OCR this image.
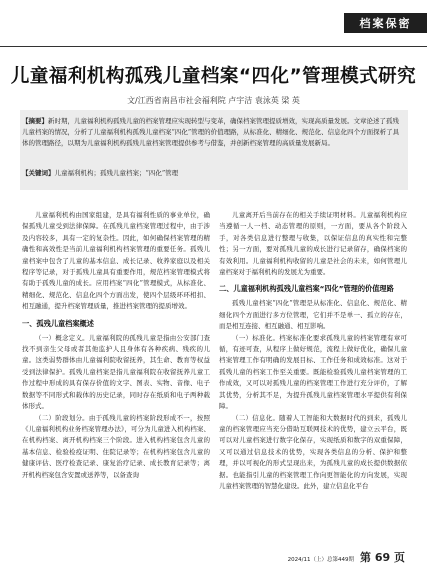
档案保密
儿童福利机构孤残儿童档案“四化”管理模式研究
文/江西省南昌市社会福利院 卢宇洁 袁泳英 梁 英
【摘要】新时期，儿童福利机构孤残儿童的档案管理应实现转型与变革，确保档案管理提质增效，实现高质量发展。文章论述了孤残儿童档案的情况，分析了儿童福利机构孤残儿童档案“四化”管理的价值理路，从标准化、精细化、规范化、信息化四个方面探析了具体的管理路径，以期为儿童福利机构孤残儿童档案管理提供参考与借鉴，并创新档案管理的高质量发展新局。
【关键词】儿童福利机构；孤残儿童档案；“四化”管理

儿童福利机构由国家组建，是具有福利性质的事业单位，确保孤残儿童受到法律保障。在孤残儿童档案管理过程中，由于涉及内容较多，具有一定的复杂性。因此，如何确保档案管理的精确性和高效性是当前儿童福利机构档案管理的重要任务。孤残儿童档案中包含了儿童的基本信息、成长记录、收养家庭以及相关程序等记录，对于孤残儿童具有重要作用，规范档案管理模式将有助于孤残儿童的成长。应用档案“四化”管理模式，从标准化、精细化、规范化、信息化四个方面出发，使四个层级环环相扣、相互融通，提升档案管理质量，推进档案管理的提质增效。

一、孤残儿童档案概述

（一）概念定义。儿童福利院的孤残儿童是指由公安部门查找不到亲生父母或者其他监护人且身体有各种疾病、残疾的儿童。这类弱势群体由儿童福利院收留抚养，其生命、教育等权益受到法律保护。孤残儿童档案是指儿童福利院在收留抚养儿童工作过程中形成的具有保存价值的文字、图表、实物、音像、电子数据等不同形式和载体的历史记录，同时存在纸质和电子两种载体形式。

（二）阶段划分。由于孤残儿童的档案阶段形成不一，按照《儿童福利机构业务档案管理办法》，可分为儿童进入机构档案、在机构档案、离开机构档案三个阶段。进入机构档案包含儿童的基本信息、检验检疫证明、住院记录等；在机构档案包含儿童的健康评估、医疗检查记录、康复治疗记录、成长教育记录等；离开机构档案包含安置或送养等，以备查询

儿童离开后当前存在的相关手续证明材料。儿童福利机构应当遵循一人一档、动态管理的原则，一方面，要从各个阶段入手，对各类信息进行整理与收集，以保证信息的真实性和完整性；另一方面，要对孤残儿童的成长进行记录留存，确保档案的有效利用。儿童福利机构收留的儿童是社会的未来，如何管理儿童档案对于福利机构的发展尤为重要。

二、儿童福利机构孤残儿童档案“四化”管理的价值理路

孤残儿童档案“四化”管理是从标准化、信息化、规范化、精细化四个方面进行多方位管理，它们并不是单一、孤立的存在，而是相互连接、相互融通、相互影响。

（一）标准化。档案标准化要求孤残儿童的档案管理有章可循，有迹可查，从程序上做好规范，流程上做好优化，确保儿童档案管理工作有明确的发展目标、工作任务和成效标准。这对于孤残儿童的档案工作至关重要。既能检验孤残儿童档案管理的工作成效，又可以对孤残儿童的档案管理工作进行充分评价，了解其优势，分析其不足，为提升孤残儿童档案管理水平提供有利保障。

（二）信息化。随着人工智能和大数据时代的到来，孤残儿童的档案管理应当充分借助互联网技术的优势，建立云平台，既可以对儿童档案进行数字化保存，实现纸质和数字的双重保障，又可以通过信息技术的优势，实现各类信息的分析、保护和整理，并以可视化的形式呈现出来，为孤残儿童的成长提供数据依据。也能指引儿童的档案管理工作向更智能化的方向发展，实现儿童档案管理的智慧化建设。此外，建立信息化平台

2024/11（上）总第449期 第 69 页
